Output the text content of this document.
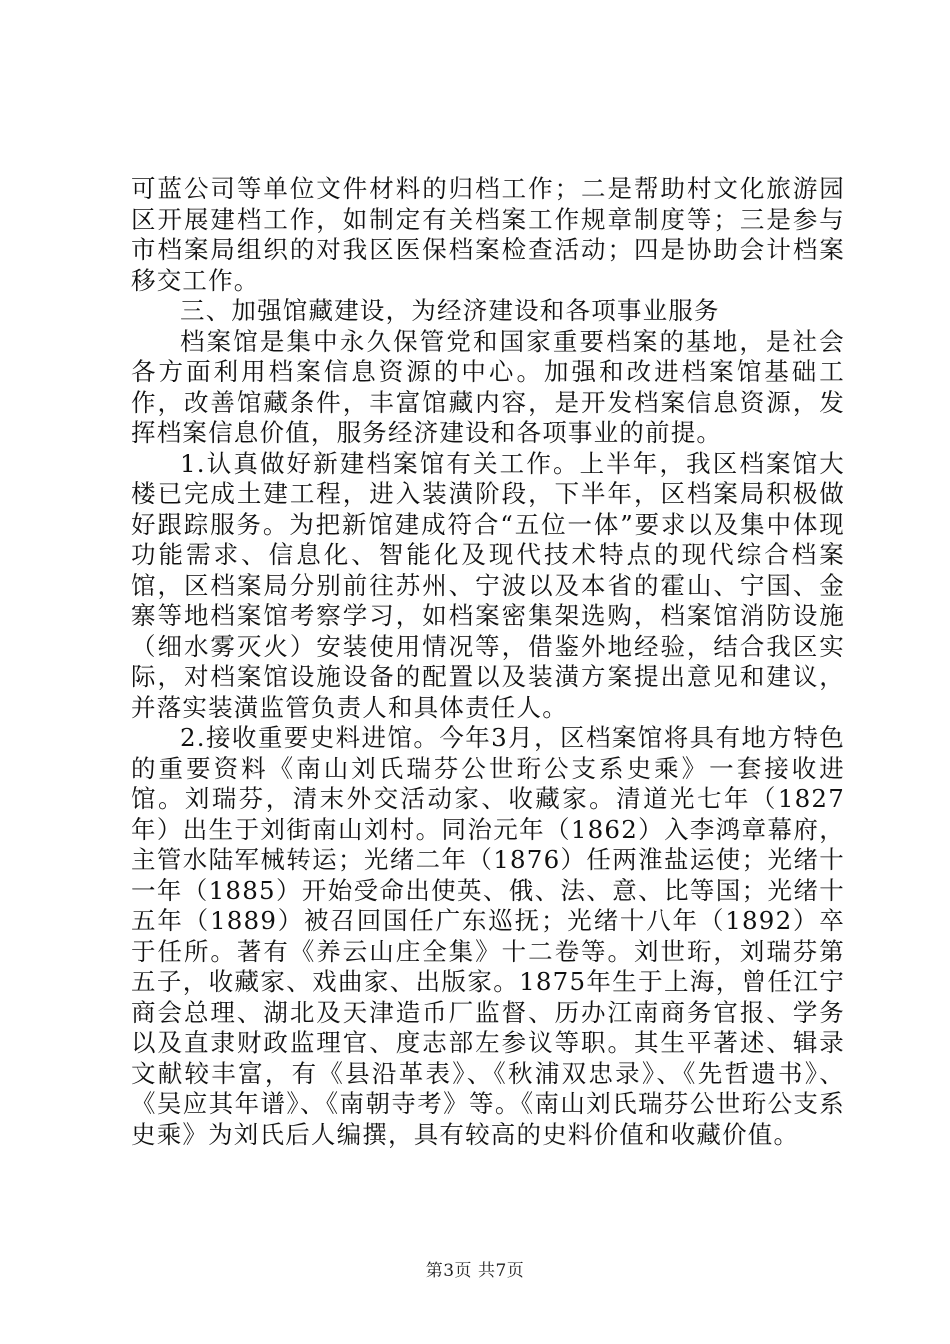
可蓝公司等单位文件材料的归档工作；二是帮助村文化旅游园区开展建档工作，如制定有关档案工作规章制度等；三是参与市档案局组织的对我区医保档案检查活动；四是协助会计档案移交工作。

三、加强馆藏建设，为经济建设和各项事业服务

档案馆是集中永久保管党和国家重要档案的基地，是社会各方面利用档案信息资源的中心。加强和改进档案馆基础工作，改善馆藏条件，丰富馆藏内容，是开发档案信息资源，发挥档案信息价值，服务经济建设和各项事业的前提。

1.认真做好新建档案馆有关工作。上半年，我区档案馆大楼已完成土建工程，进入装潢阶段，下半年，区档案局积极做好跟踪服务。为把新馆建成符合“五位一体”要求以及集中体现功能需求、信息化、智能化及现代技术特点的现代综合档案馆，区档案局分别前往苏州、宁波以及本省的霍山、宁国、金寨等地档案馆考察学习，如档案密集架选购，档案馆消防设施（细水雾灭火）安装使用情况等，借鉴外地经验，结合我区实际，对档案馆设施设备的配置以及装潢方案提出意见和建议，并落实装潢监管负责人和具体责任人。

2.接收重要史料进馆。今年3月，区档案馆将具有地方特色的重要资料《南山刘氏瑞芬公世珩公支系史乘》一套接收进馆。刘瑞芬，清末外交活动家、收藏家。清道光七年（1827年）出生于刘街南山刘村。同治元年（1862）入李鸿章幕府，主管水陆军械转运；光绪二年（1876）任两淮盐运使；光绪十一年（1885）开始受命出使英、俄、法、意、比等国；光绪十五年（1889）被召回国任广东巡抚；光绪十八年（1892）卒于任所。著有《养云山庄全集》十二卷等。刘世珩，刘瑞芬第五子，收藏家、戏曲家、出版家。1875年生于上海，曾任江宁商会总理、湖北及天津造币厂监督、历办江南商务官报、学务以及直隶财政监理官、度志部左参议等职。其生平著述、辑录文献较丰富，有《县沿革表》、《秋浦双忠录》、《先哲遗书》、《吴应其年谱》、《南朝寺考》等。《南山刘氏瑞芬公世珩公支系史乘》为刘氏后人编撰，具有较高的史料价值和收藏价值。

第3页 共7页
